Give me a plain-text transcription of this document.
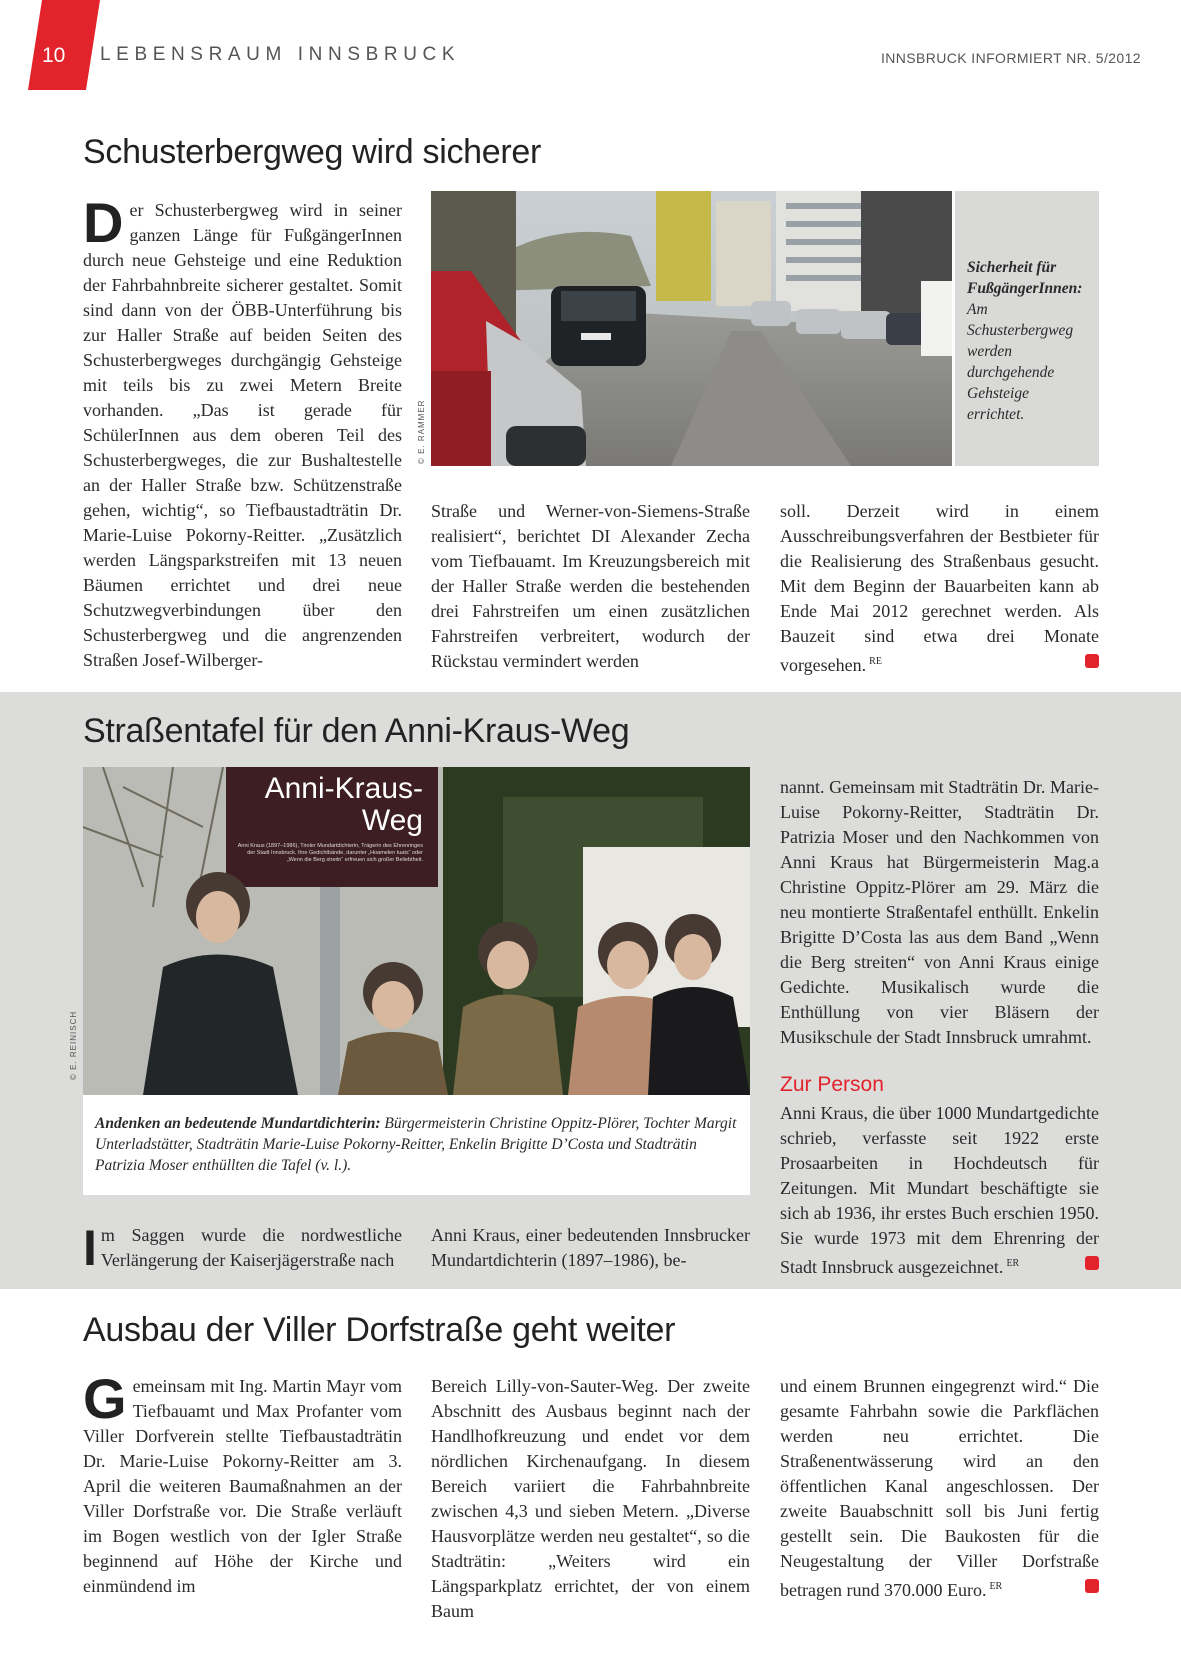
10 LEBENSRAUM INNSBRUCK	INNSBRUCK INFORMIERT NR. 5/2012
Schusterbergweg wird sicherer
Der Schusterbergweg wird in seiner ganzen Länge für FußgängerInnen durch neue Gehsteige und eine Reduktion der Fahrbahnbreite sicherer gestaltet. Somit sind dann von der ÖBB-Unterführung bis zur Haller Straße auf beiden Seiten des Schusterbergweges durchgängig Gehsteige mit teils bis zu zwei Metern Breite vorhanden. „Das ist gerade für SchülerInnen aus dem oberen Teil des Schusterbergweges, die zur Bushaltestelle an der Haller Straße bzw. Schützenstraße gehen, wichtig“, so Tiefbaustadträtin Dr. Marie-Luise Pokorny-Reitter. „Zusätzlich werden Längsparkstreifen mit 13 neuen Bäumen errichtet und drei neue Schutzwegverbindungen über den Schusterbergweg und die angrenzenden Straßen Josef-Wilberger-
© E. RAMMER
Sicherheit für FußgängerInnen:
Am Schusterbergweg werden durchgehende Gehsteige errichtet.
Straße und Werner-von-Siemens-Straße realisiert“, berichtet DI Alexander Zecha vom Tiefbauamt. Im Kreuzungsbereich mit der Haller Straße werden die bestehenden drei Fahrstreifen um einen zusätzlichen Fahrstreifen verbreitert, wodurch der Rückstau vermindert werden
soll. Derzeit wird in einem Ausschreibungsverfahren der Bestbieter für die Realisierung des Straßenbaus gesucht. Mit dem Beginn der Bauarbeiten kann ab Ende Mai 2012 gerechnet werden. Als Bauzeit sind etwa drei Monate vorgesehen. $^{RE}$
Straßentafel für den Anni-Kraus-Weg
Anni-Kraus-
Weg
Anni Kraus (1897–1986), Tiroler Mundartdichterin, Trägerin des Ehrenringes der Stadt Innsbruck. Ihre Gedichtbände, darunter „Hoamelen tuats“ oder „Wenn die Berg streitn“ erfreuen sich großer Beliebtheit.
© E. REINISCH
Andenken an bedeutende Mundartdichterin: Bürgermeisterin Christine Oppitz-Plörer, Tochter Margit Unterladstätter, Stadträtin Marie-Luise Pokorny-Reitter, Enkelin Brigitte D’Costa und Stadträtin Patrizia Moser enthüllten die Tafel (v. l.).
Im Saggen wurde die nordwestliche Verlängerung der Kaiserjägerstraße nach
Anni Kraus, einer bedeutenden Innsbrucker Mundartdichterin (1897–1986), be-
nannt. Gemeinsam mit Stadträtin Dr. Marie-Luise Pokorny-Reitter, Stadträtin Dr. Patrizia Moser und den Nachkommen von Anni Kraus hat Bürgermeisterin Mag.a Christine Oppitz-Plörer am 29. März die neu montierte Straßentafel enthüllt. Enkelin Brigitte D’Costa las aus dem Band „Wenn die Berg streiten“ von Anni Kraus einige Gedichte. Musikalisch wurde die Enthüllung von vier Bläsern der Musikschule der Stadt Innsbruck umrahmt.
Zur Person
Anni Kraus, die über 1000 Mundartgedichte schrieb, verfasste seit 1922 erste Prosaarbeiten in Hochdeutsch für Zeitungen. Mit Mundart beschäftigte sie sich ab 1936, ihr erstes Buch erschien 1950. Sie wurde 1973 mit dem Ehrenring der Stadt Innsbruck ausgezeichnet. $^{ER}$
Ausbau der Viller Dorfstraße geht weiter
Gemeinsam mit Ing. Martin Mayr vom Tiefbauamt und Max Profanter vom Viller Dorfverein stellte Tiefbaustadträtin Dr. Marie-Luise Pokorny-Reitter am 3. April die weiteren Baumaßnahmen an der Viller Dorfstraße vor. Die Straße verläuft im Bogen westlich von der Igler Straße beginnend auf Höhe der Kirche und einmündend im
Bereich Lilly-von-Sauter-Weg. Der zweite Abschnitt des Ausbaus beginnt nach der Handlhofkreuzung und endet vor dem nördlichen Kirchenaufgang. In diesem Bereich variiert die Fahrbahnbreite zwischen 4,3 und sieben Metern. „Diverse Hausvorplätze werden neu gestaltet“, so die Stadträtin: „Weiters wird ein Längsparkplatz errichtet, der von einem Baum
und einem Brunnen eingegrenzt wird.“ Die gesamte Fahrbahn sowie die Parkflächen werden neu errichtet. Die Straßenentwässerung wird an den öffentlichen Kanal angeschlossen. Der zweite Bauabschnitt soll bis Juni fertig gestellt sein. Die Baukosten für die Neugestaltung der Viller Dorfstraße betragen rund 370.000 Euro. $^{ER}$
